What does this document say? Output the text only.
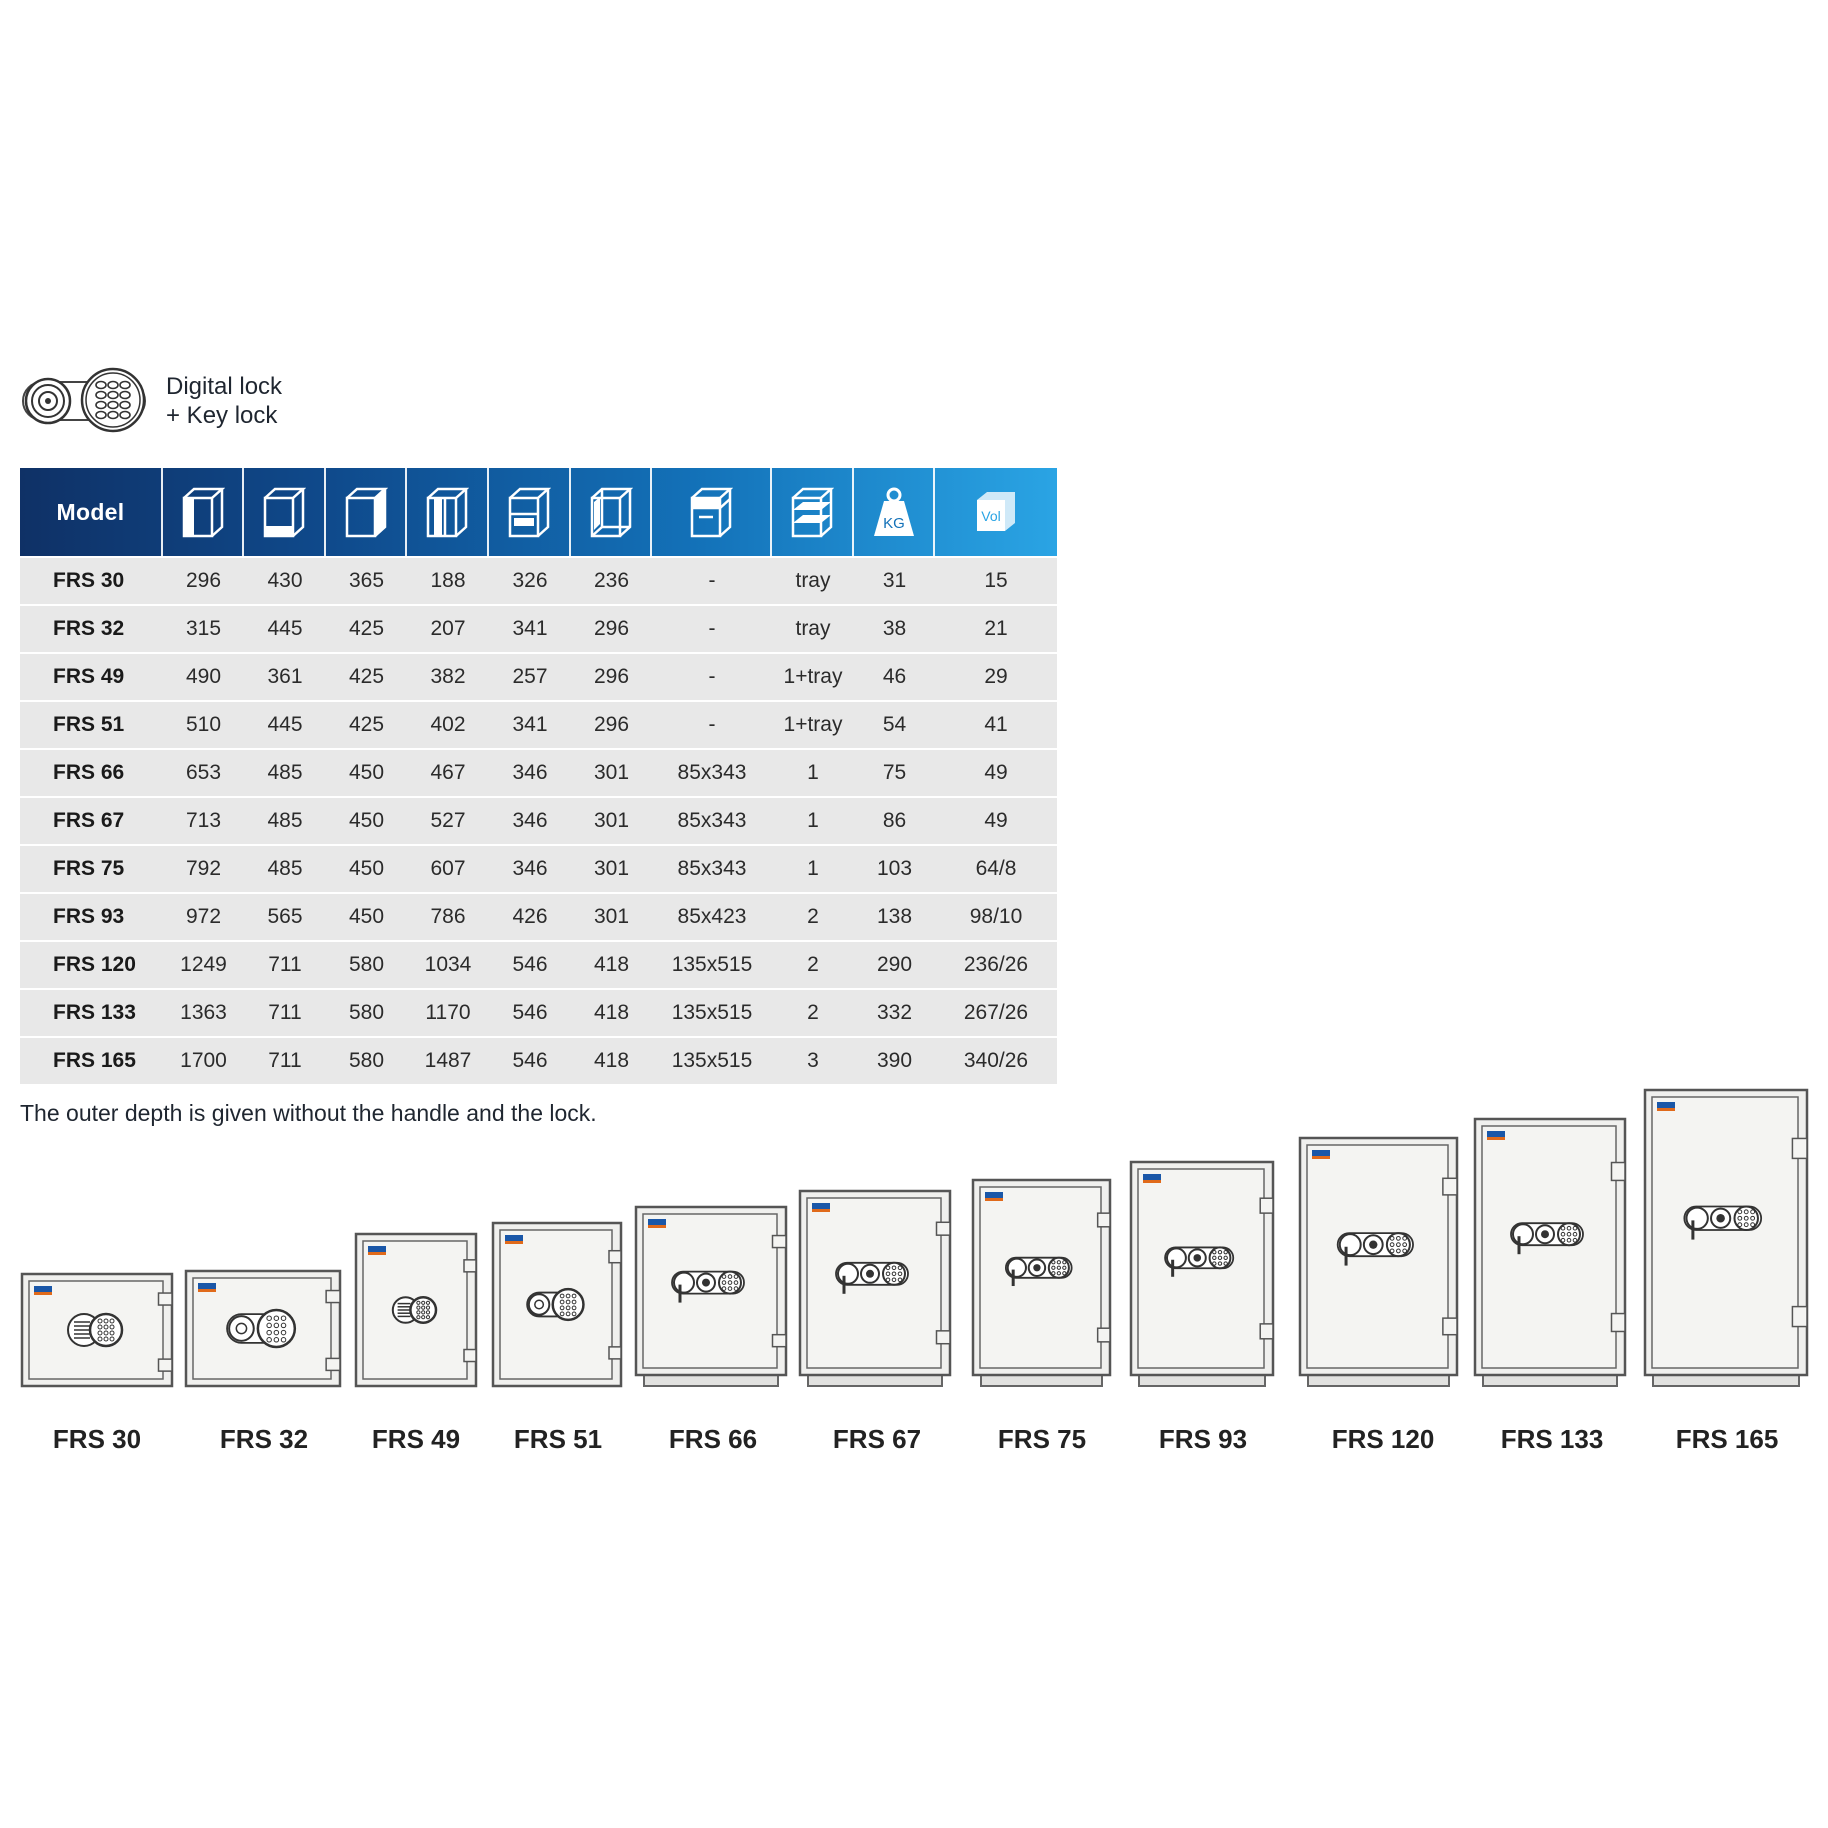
Digital lock
+ Key lock
Model	KG	Vol
FRS 30	296	430	365	188	326	236	-	tray	31	15
FRS 32	315	445	425	207	341	296	-	tray	38	21
FRS 49	490	361	425	382	257	296	-	1+tray	46	29
FRS 51	510	445	425	402	341	296	-	1+tray	54	41
FRS 66	653	485	450	467	346	301	85x343	1	75	49
FRS 67	713	485	450	527	346	301	85x343	1	86	49
FRS 75	792	485	450	607	346	301	85x343	1	103	64/8
FRS 93	972	565	450	786	426	301	85x423	2	138	98/10
FRS 120	1249	711	580	1034	546	418	135x515	2	290	236/26
FRS 133	1363	711	580	1170	546	418	135x515	2	332	267/26
FRS 165	1700	711	580	1487	546	418	135x515	3	390	340/26
The outer depth is given without the handle and the lock.
FRS 30	FRS 32	FRS 49	FRS 51	FRS 66	FRS 67	FRS 75	FRS 93	FRS 120	FRS 133	FRS 165
